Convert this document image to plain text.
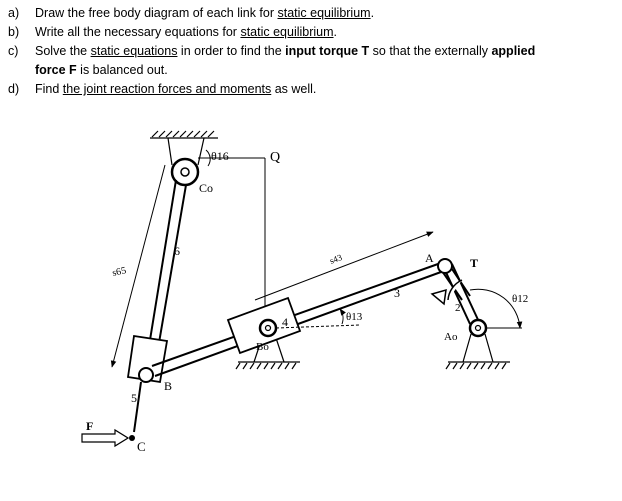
a) Draw the free body diagram of each link for static equilibrium.
b) Write all the necessary equations for static equilibrium.
c) Solve the static equations in order to find the input torque T so that the externally applied
force F is balanced out.
d) Find the joint reaction forces and moments as well.
θ16	Q
Co
6
s65
5
B
C
F
s43
Bo
4	θ13
3
2
A	T
Ao
θ12
